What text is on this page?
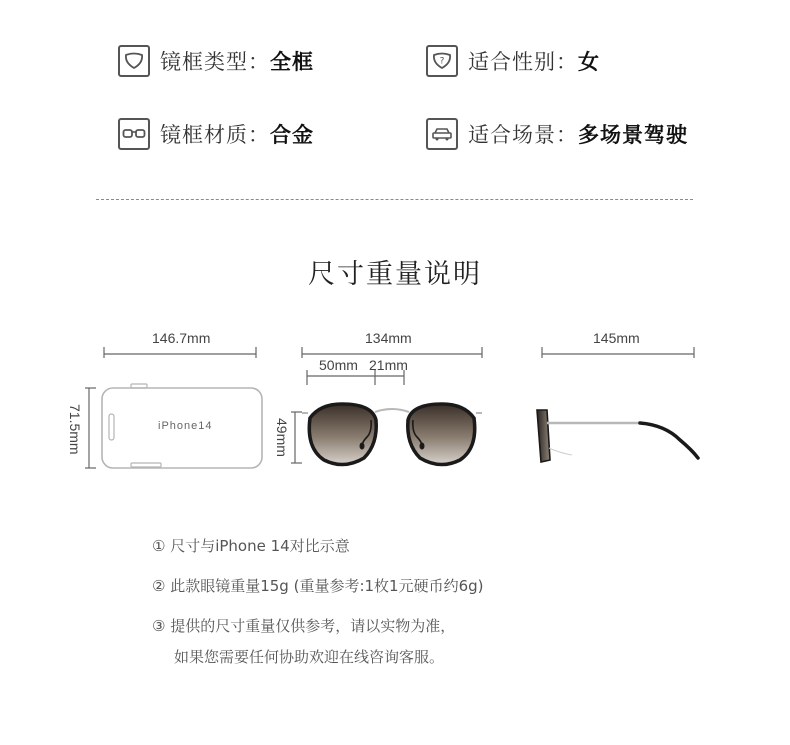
镜框类型： 全框	? 适合性别： 女
镜框材质： 合金	适合场景： 多场景驾驶
尺寸重量说明
146.7mm
71.5mm	iPhone14
134mm
50mm 21mm
49mm
145mm
① 尺寸与iPhone 14对比示意
② 此款眼镜重量15g (重量参考:1枚1元硬币约6g)
③ 提供的尺寸重量仅供参考，请以实物为准，
如果您需要任何协助欢迎在线咨询客服。
